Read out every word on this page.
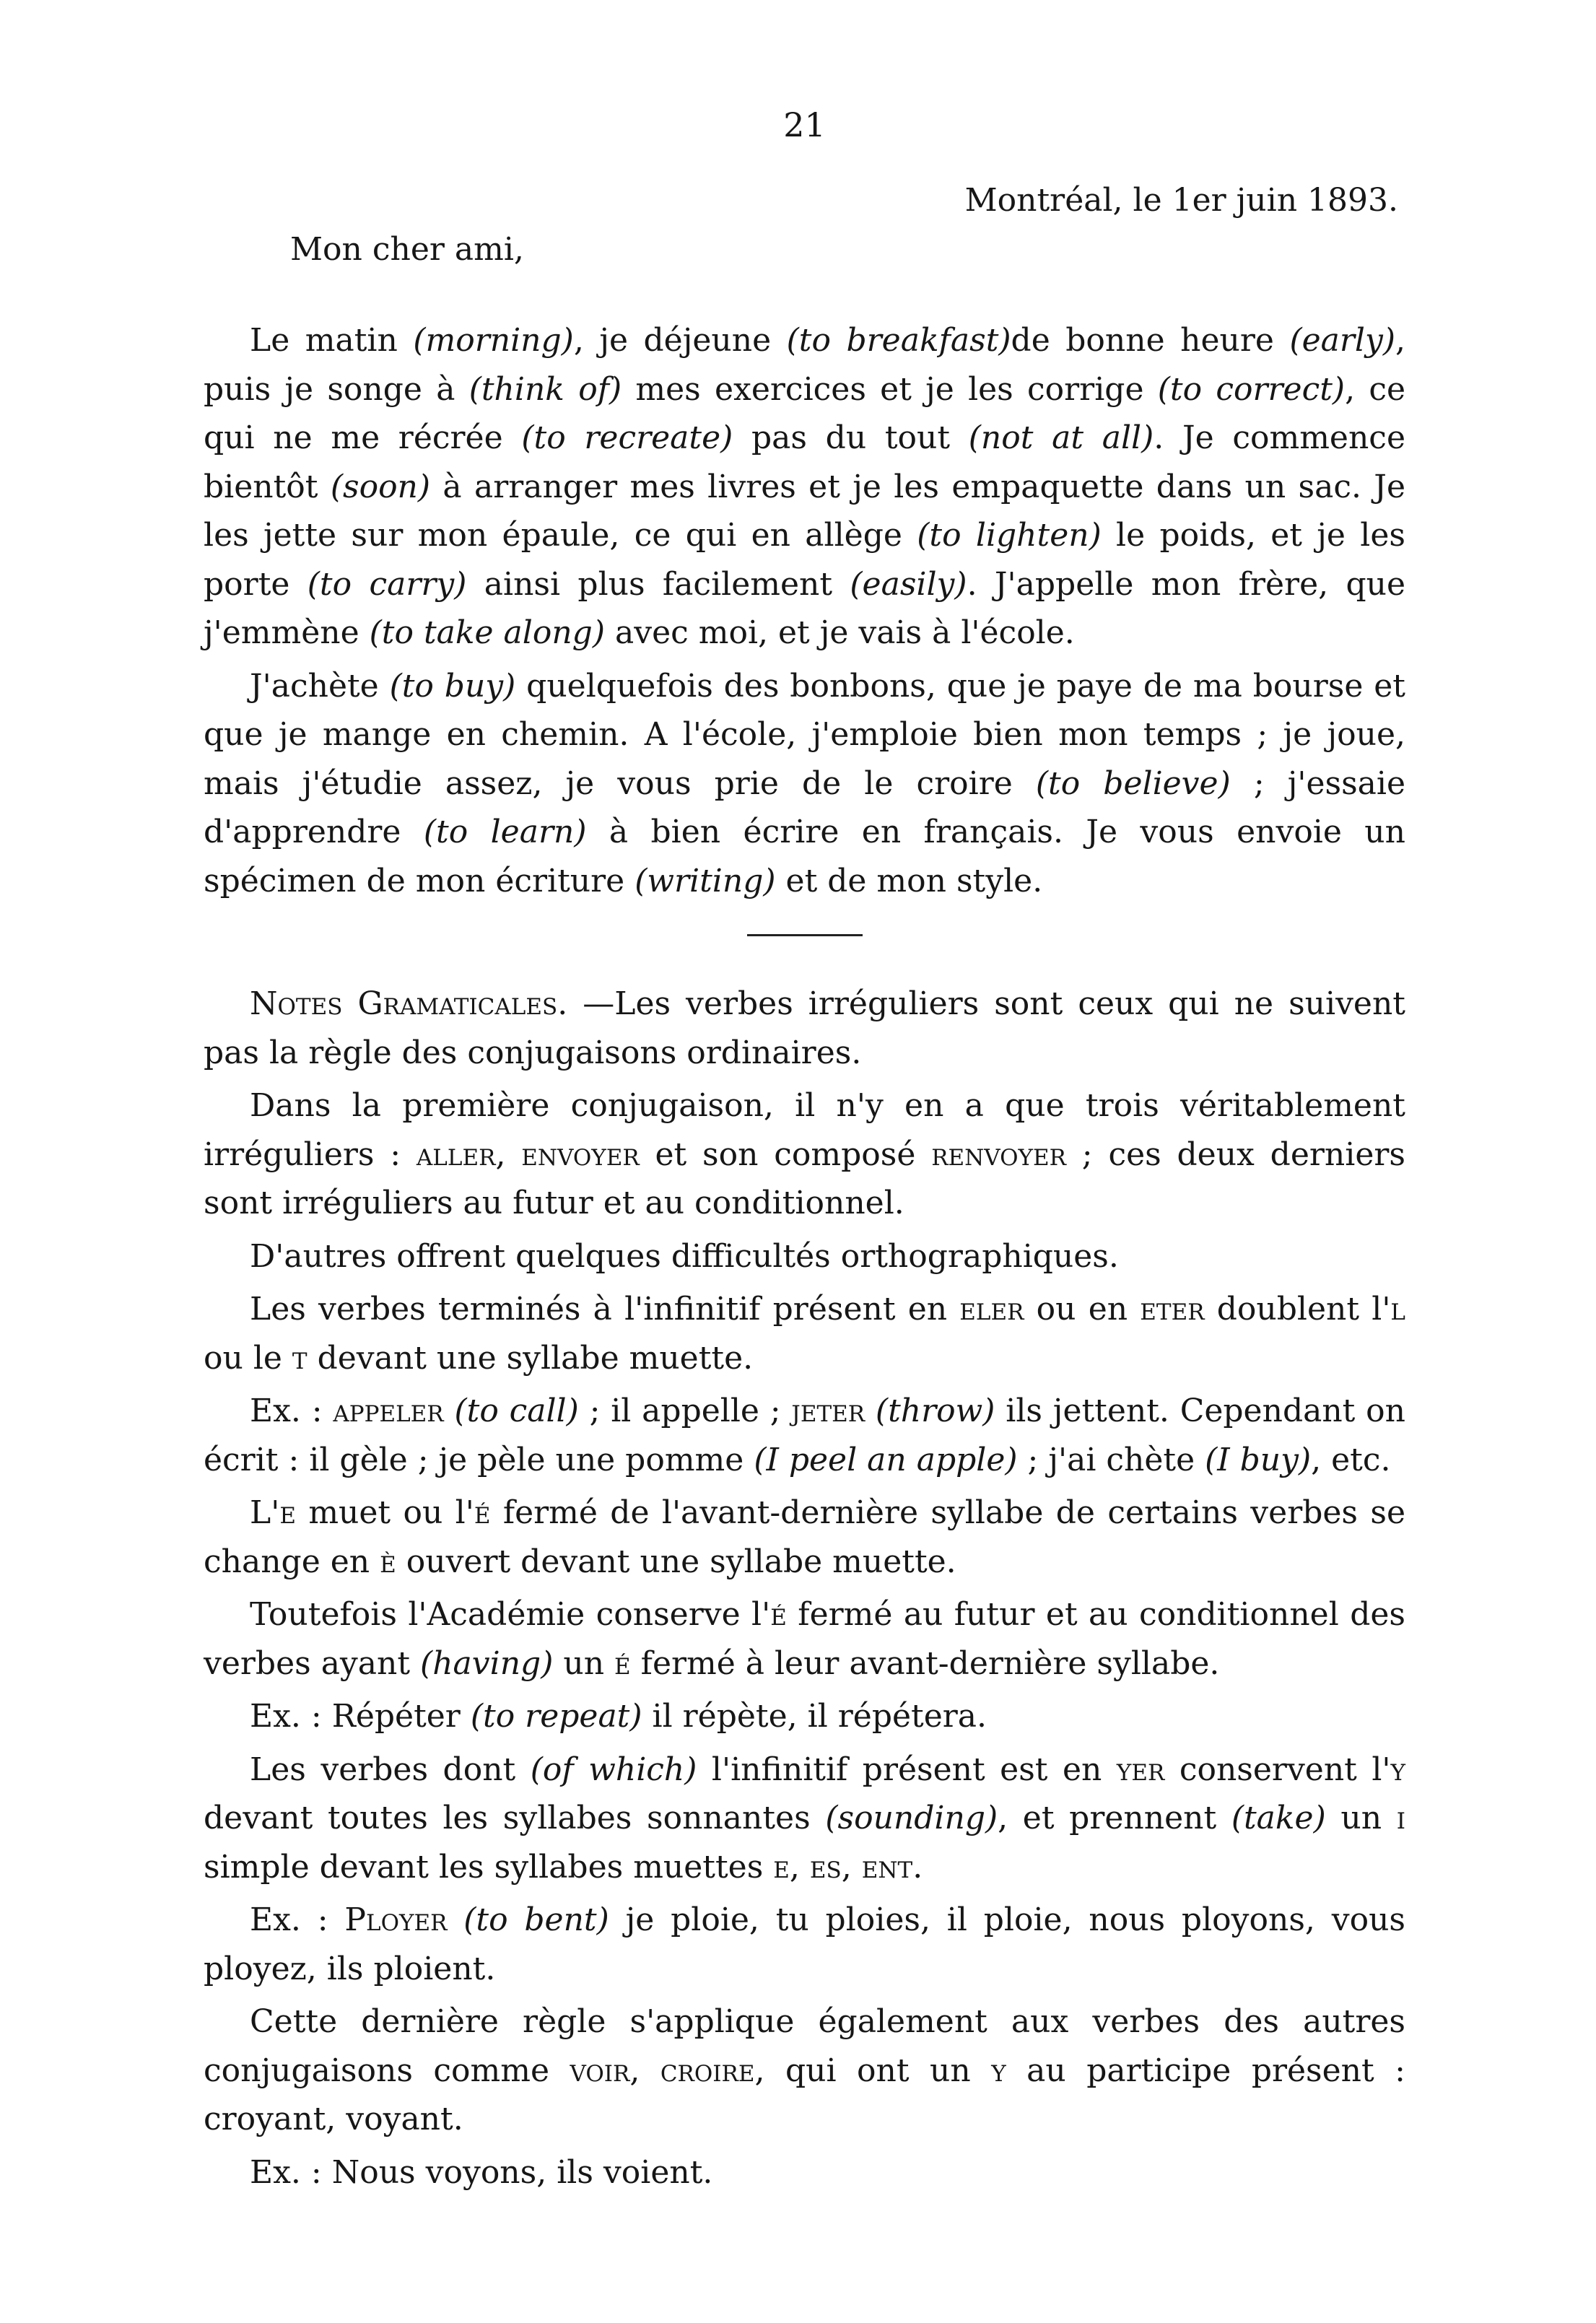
21

Montréal, le 1er juin 1893.

Mon cher ami,

Le matin (morning), je déjeune (to breakfast)de bonne heure (early), puis je songe à (think of) mes exercices et je les corrige (to correct), ce qui ne me récrée (to recreate) pas du tout (not at all). Je commence bientôt (soon) à arranger mes livres et je les empaquette dans un sac. Je les jette sur mon épaule, ce qui en allège (to lighten) le poids, et je les porte (to carry) ainsi plus facilement (easily). J'appelle mon frère, que j'emmène (to take along) avec moi, et je vais à l'école.

J'achète (to buy) quelquefois des bonbons, que je paye de ma bourse et que je mange en chemin. A l'école, j'emploie bien mon temps ; je joue, mais j'étudie assez, je vous prie de le croire (to believe) ; j'essaie d'apprendre (to learn) à bien écrire en français. Je vous envoie un spécimen de mon écriture (writing) et de mon style.

Notes Gramaticales. —Les verbes irréguliers sont ceux qui ne suivent pas la règle des conjugaisons ordinaires.

Dans la première conjugaison, il n'y en a que trois véritablement irréguliers : aller, envoyer et son composé renvoyer ; ces deux derniers sont irréguliers au futur et au conditionnel.

D'autres offrent quelques difficultés orthographiques.

Les verbes terminés à l'infinitif présent en eler ou en eter doublent l'l ou le t devant une syllabe muette.

Ex. : appeler (to call) ; il appelle ; jeter (throw) ils jettent. Cependant on écrit : il gèle ; je pèle une pomme (I peel an apple) ; j'ai chète (I buy), etc.

L'e muet ou l'é fermé de l'avant-dernière syllabe de certains verbes se change en è ouvert devant une syllabe muette.

Toutefois l'Académie conserve l'é fermé au futur et au conditionnel des verbes ayant (having) un é fermé à leur avant-dernière syllabe.

Ex. : Répéter (to repeat) il répète, il répétera.

Les verbes dont (of which) l'infinitif présent est en yer conservent l'y devant toutes les syllabes sonnantes (sounding), et prennent (take) un i simple devant les syllabes muettes e, es, ent.

Ex. : Ployer (to bent) je ploie, tu ploies, il ploie, nous ployons, vous ployez, ils ploient.

Cette dernière règle s'applique également aux verbes des autres conjugaisons comme voir, croire, qui ont un y au participe présent : croyant, voyant.

Ex. : Nous voyons, ils voient.
